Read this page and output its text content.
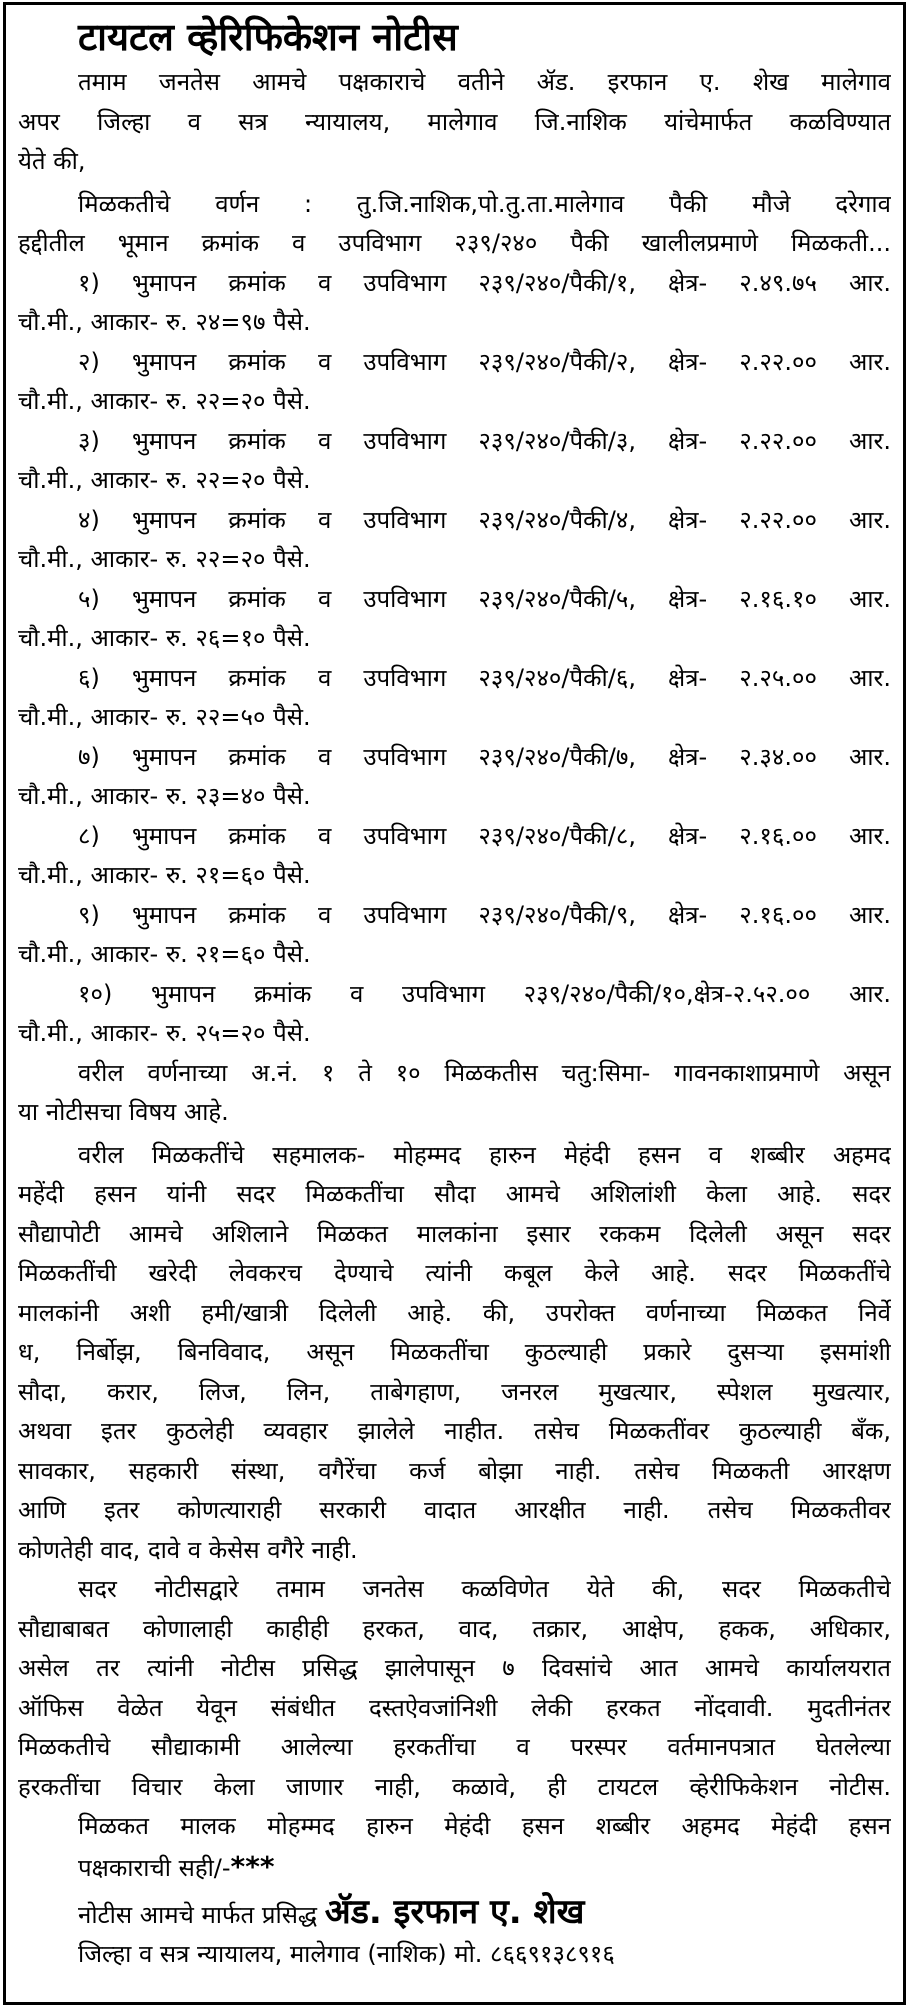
टायटल व्हेरिफिकेशन नोटीस
तमाम जनतेस आमचे पक्षकाराचे वतीने ॲड. इरफान ए. शेख मालेगाव
अपर जिल्हा व सत्र न्यायालय, मालेगाव जि.नाशिक यांचेमार्फत कळविण्यात
येते की,
मिळकतीचे वर्णन : तु.जि.नाशिक,पो.तु.ता.मालेगाव पैकी मौजे दरेगाव
हद्दीतील भूमान क्रमांक व उपविभाग २३९/२४० पैकी खालीलप्रमाणे मिळकती...
१) भुमापन क्रमांक व उपविभाग २३९/२४०/पैकी/१, क्षेत्र- २.४९.७५ आर.
चौ.मी., आकार- रु. २४=९७ पैसे.
२) भुमापन क्रमांक व उपविभाग २३९/२४०/पैकी/२, क्षेत्र- २.२२.०० आर.
चौ.मी., आकार- रु. २२=२० पैसे.
३) भुमापन क्रमांक व उपविभाग २३९/२४०/पैकी/३, क्षेत्र- २.२२.०० आर.
चौ.मी., आकार- रु. २२=२० पैसे.
४) भुमापन क्रमांक व उपविभाग २३९/२४०/पैकी/४, क्षेत्र- २.२२.०० आर.
चौ.मी., आकार- रु. २२=२० पैसे.
५) भुमापन क्रमांक व उपविभाग २३९/२४०/पैकी/५, क्षेत्र- २.१६.१० आर.
चौ.मी., आकार- रु. २६=१० पैसे.
६) भुमापन क्रमांक व उपविभाग २३९/२४०/पैकी/६, क्षेत्र- २.२५.०० आर.
चौ.मी., आकार- रु. २२=५० पैसे.
७) भुमापन क्रमांक व उपविभाग २३९/२४०/पैकी/७, क्षेत्र- २.३४.०० आर.
चौ.मी., आकार- रु. २३=४० पैसे.
८) भुमापन क्रमांक व उपविभाग २३९/२४०/पैकी/८, क्षेत्र- २.१६.०० आर.
चौ.मी., आकार- रु. २१=६० पैसे.
९) भुमापन क्रमांक व उपविभाग २३९/२४०/पैकी/९, क्षेत्र- २.१६.०० आर.
चौ.मी., आकार- रु. २१=६० पैसे.
१०) भुमापन क्रमांक व उपविभाग २३९/२४०/पैकी/१०,क्षेत्र-२.५२.०० आर.
चौ.मी., आकार- रु. २५=२० पैसे.
वरील वर्णनाच्या अ.नं. १ ते १० मिळकतीस चतु:सिमा- गावनकाशाप्रमाणे असून
या नोटीसचा विषय आहे.
वरील मिळकतींचे सहमालक- मोहम्मद हारुन मेहंदी हसन व शब्बीर अहमद
महेंदी हसन यांनी सदर मिळकतींचा सौदा आमचे अशिलांशी केला आहे. सदर
सौद्यापोटी आमचे अशिलाने मिळकत मालकांना इसार रककम दिलेली असून सदर
मिळकतींची खरेदी लेवकरच देण्याचे त्यांनी कबूल केले आहे. सदर मिळकतींचे
मालकांनी अशी हमी/खात्री दिलेली आहे. की, उपरोक्त वर्णनाच्या मिळकत निर्वे
ध, निर्बोझ, बिनविवाद, असून मिळकतींचा कुठल्याही प्रकारे दुसऱ्या इसमांशी
सौदा, करार, लिज, लिन, ताबेगहाण, जनरल मुखत्यार, स्पेशल मुखत्यार,
अथवा इतर कुठलेही व्यवहार झालेले नाहीत. तसेच मिळकतींवर कुठल्याही बँक,
सावकार, सहकारी संस्था, वगैरेंचा कर्ज बोझा नाही. तसेच मिळकती आरक्षण
आणि इतर कोणत्याराही सरकारी वादात आरक्षीत नाही. तसेच मिळकतीवर
कोणतेही वाद, दावे व केसेस वगैरे नाही.
सदर नोटीसद्वारे तमाम जनतेस कळविणेत येते की, सदर मिळकतीचे
सौद्याबाबत कोणालाही काहीही हरकत, वाद, तक्रार, आक्षेप, हकक, अधिकार,
असेल तर त्यांनी नोटीस प्रसिद्ध झालेपासून ७ दिवसांचे आत आमचे कार्यालयरात
ऑफिस वेळेत येवून संबंधीत दस्तऐवजांनिशी लेकी हरकत नोंदवावी. मुदतीनंतर
मिळकतीचे सौद्याकामी आलेल्या हरकतींचा व परस्पर वर्तमानपत्रात घेतलेल्या
हरकतींचा विचार केला जाणार नाही, कळावे, ही टायटल व्हेरीफिकेशन नोटीस.
मिळकत मालक मोहम्मद हारुन मेहंदी हसन शब्बीर अहमद मेहंदी हसन
पक्षकाराची सही/-***
नोटीस आमचे मार्फत प्रसिद्ध ॲड. इरफान ए. शेख
जिल्हा व सत्र न्यायालय, मालेगाव (नाशिक) मो. ८६६९१३८९१६
